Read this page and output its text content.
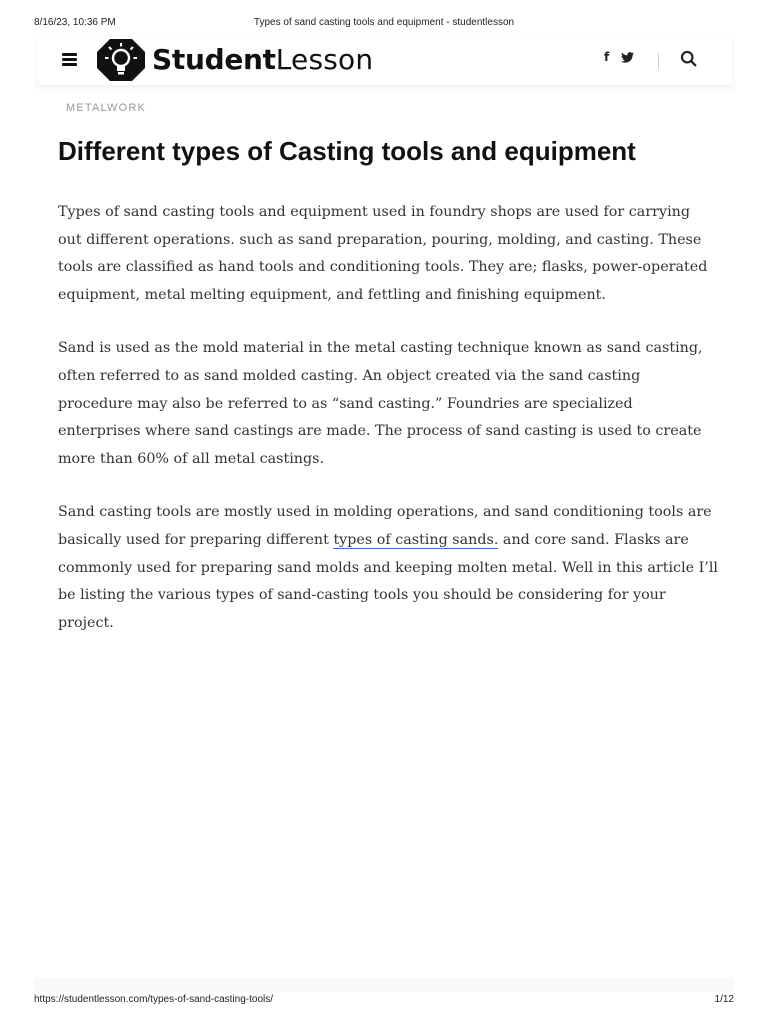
8/16/23, 10:36 PM	Types of sand casting tools and equipment - studentlesson
StudentLesson	f
METALWORK
Different types of Casting tools and equipment

Types of sand casting tools and equipment used in foundry shops are used for carrying out different operations. such as sand preparation, pouring, molding, and casting. These tools are classified as hand tools and conditioning tools. They are; flasks, power-operated equipment, metal melting equipment, and fettling and finishing equipment.

Sand is used as the mold material in the metal casting technique known as sand casting, often referred to as sand molded casting. An object created via the sand casting procedure may also be referred to as “sand casting.” Foundries are specialized enterprises where sand castings are made. The process of sand casting is used to create more than 60% of all metal castings.

Sand casting tools are mostly used in molding operations, and sand conditioning tools are basically used for preparing different types of casting sands. and core sand. Flasks are commonly used for preparing sand molds and keeping molten metal. Well in this article I’ll be listing the various types of sand-casting tools you should be considering for your project.

https://studentlesson.com/types-of-sand-casting-tools/	1/12
